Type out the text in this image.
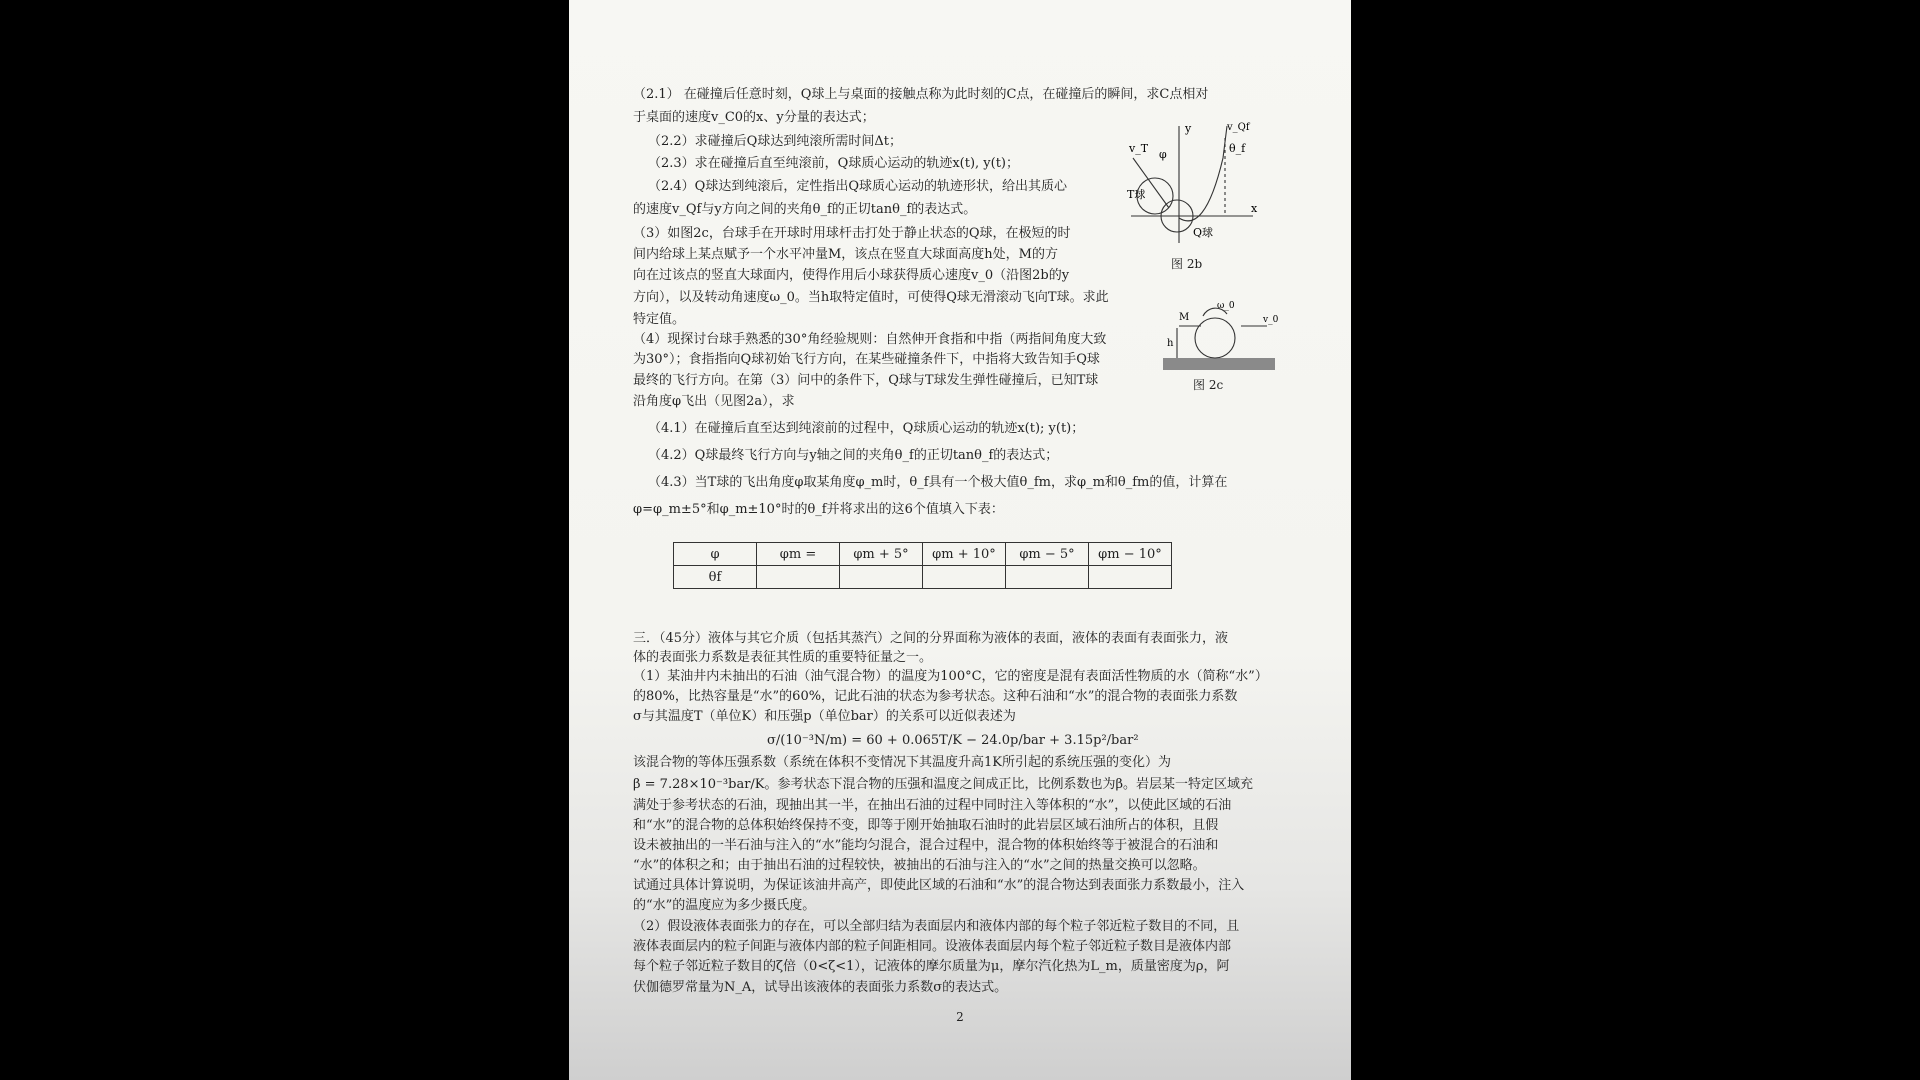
（2.1） 在碰撞后任意时刻，Q球上与桌面的接触点称为此时刻的C点，在碰撞后的瞬间，求C点相对
于桌面的速度v_C0的x、y分量的表达式；
（2.2）求碰撞后Q球达到纯滚所需时间Δt；
（2.3）求在碰撞后直至纯滚前，Q球质心运动的轨迹x(t), y(t)；
（2.4）Q球达到纯滚后，定性指出Q球质心运动的轨迹形状，给出其质心
的速度v_Qf与y方向之间的夹角θ_f的正切tanθ_f的表达式。
（3）如图2c，台球手在开球时用球杆击打处于静止状态的Q球，在极短的时
间内给球上某点赋予一个水平冲量M，该点在竖直大球面高度h处，M的方
向在过该点的竖直大球面内，使得作用后小球获得质心速度v_0（沿图2b的y
方向），以及转动角速度ω_0。当h取特定值时，可使得Q球无滑滚动飞向T球。求此
特定值。
（4）现探讨台球手熟悉的30°角经验规则：自然伸开食指和中指（两指间角度大致
为30°）；食指指向Q球初始飞行方向，在某些碰撞条件下，中指将大致告知手Q球
最终的飞行方向。在第（3）问中的条件下，Q球与T球发生弹性碰撞后，已知T球
沿角度φ飞出（见图2a），求
（4.1）在碰撞后直至达到纯滚前的过程中，Q球质心运动的轨迹x(t); y(t)；
（4.2）Q球最终飞行方向与y轴之间的夹角θ_f的正切tanθ_f的表达式；
（4.3）当T球的飞出角度φ取某角度φ_m时，θ_f具有一个极大值θ_fm，求φ_m和θ_fm的值，计算在
φ=φ_m±5°和φ_m±10°时的θ_f并将求出的这6个值填入下表：
φ	φm =	φm + 5°	φm + 10°	φm − 5°	φm − 10°
θf					
三．（45分）液体与其它介质（包括其蒸汽）之间的分界面称为液体的表面，液体的表面有表面张力，液
体的表面张力系数是表征其性质的重要特征量之一。
（1）某油井内未抽出的石油（油气混合物）的温度为100°C，它的密度是混有表面活性物质的水（简称“水”）
的80%，比热容量是“水”的60%，记此石油的状态为参考状态。这种石油和“水”的混合物的表面张力系数
σ与其温度T（单位K）和压强p（单位bar）的关系可以近似表述为
σ/(10⁻³N/m) = 60 + 0.065T/K − 24.0p/bar + 3.15p²/bar²
该混合物的等体压强系数（系统在体积不变情况下其温度升高1K所引起的系统压强的变化）为
β = 7.28×10⁻³bar/K。参考状态下混合物的压强和温度之间成正比，比例系数也为β。岩层某一特定区域充
满处于参考状态的石油，现抽出其一半，在抽出石油的过程中同时注入等体积的“水”，以使此区域的石油
和“水”的混合物的总体积始终保持不变，即等于刚开始抽取石油时的此岩层区域石油所占的体积，且假
设未被抽出的一半石油与注入的“水”能均匀混合，混合过程中，混合物的体积始终等于被混合的石油和
“水”的体积之和；由于抽出石油的过程较快，被抽出的石油与注入的“水”之间的热量交换可以忽略。
试通过具体计算说明，为保证该油井高产，即使此区域的石油和“水”的混合物达到表面张力系数最小，注入
的“水”的温度应为多少摄氏度。
（2）假设液体表面张力的存在，可以全部归结为表面层内和液体内部的每个粒子邻近粒子数目的不同，且
液体表面层内的粒子间距与液体内部的粒子间距相同。设液体表面层内每个粒子邻近粒子数目是液体内部
每个粒子邻近粒子数目的ζ倍（0<ζ<1），记液体的摩尔质量为μ，摩尔汽化热为L_m，质量密度为ρ，阿
伏伽德罗常量为N_A，试导出该液体的表面张力系数σ的表达式。
v_T φ
y	v_Qf
θ_f
T球
x
Q球
图 2b
M
ω_0
v_0
h
图 2c
2
